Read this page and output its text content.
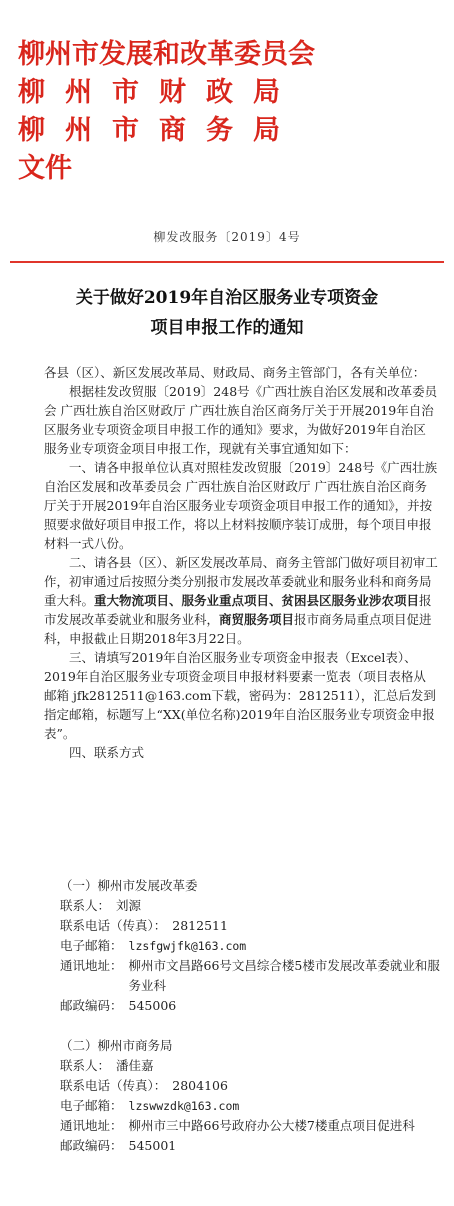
柳州市发展和改革委员会
柳州市财政局
柳州市商务局
文件
柳发改服务〔2019〕4号
关于做好2019年自治区服务业专项资金
项目申报工作的通知

各县（区）、新区发展改革局、财政局、商务主管部门，各有关单位：

根据桂发改贸服〔2019〕248号《广西壮族自治区发展和改革委员会 广西壮族自治区财政厅 广西壮族自治区商务厅关于开展2019年自治区服务业专项资金项目申报工作的通知》要求，为做好2019年自治区服务业专项资金项目申报工作，现就有关事宜通知如下：

一、请各申报单位认真对照桂发改贸服〔2019〕248号《广西壮族自治区发展和改革委员会 广西壮族自治区财政厅 广西壮族自治区商务厅关于开展2019年自治区服务业专项资金项目申报工作的通知》，并按照要求做好项目申报工作，将以上材料按顺序装订成册，每个项目申报材料一式八份。

二、请各县（区）、新区发展改革局、商务主管部门做好项目初审工作，初审通过后按照分类分别报市发展改革委就业和服务业科和商务局重大科。重大物流项目、服务业重点项目、贫困县区服务业涉农项目报市发展改革委就业和服务业科，商贸服务项目报市商务局重点项目促进科，申报截止日期2018年3月22日。

三、请填写2019年自治区服务业专项资金申报表（Excel表）、2019年自治区服务业专项资金项目申报材料要素一览表（项目表格从邮箱 jfk2812511@163.com下载，密码为：2812511），汇总后发到指定邮箱，标题写上“XX(单位名称)2019年自治区服务业专项资金申报表”。

四、联系方式

（一）柳州市发展改革委
联系人： 刘源
联系电话（传真）： 2812511
电子邮箱： lzsfgwjfk@163.com
通讯地址： 柳州市文昌路66号文昌综合楼5楼市发展改革委就业和服务业科
邮政编码： 545006
（二）柳州市商务局
联系人： 潘佳嘉
联系电话（传真）： 2804106
电子邮箱： lzswwzdk@163.com
通讯地址： 柳州市三中路66号政府办公大楼7楼重点项目促进科
邮政编码： 545001
